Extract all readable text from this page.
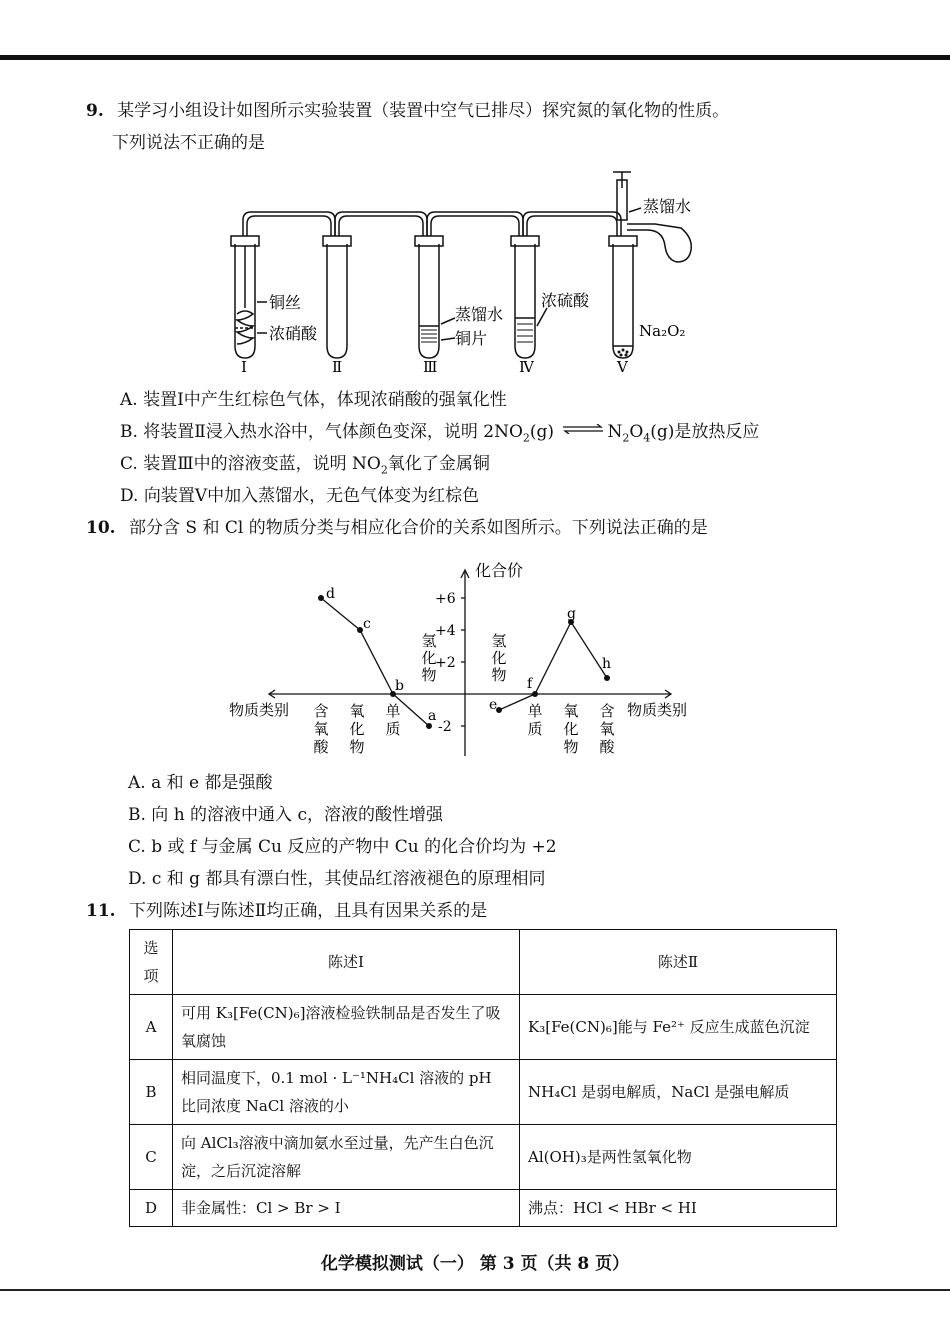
9. 某学习小组设计如图所示实验装置（装置中空气已排尽）探究氮的氧化物的性质。
下列说法不正确的是
蒸馏水
铜丝
浓硝酸
蒸馏水
铜片
浓硫酸
Na₂O₂
Ⅰ	Ⅱ	Ⅲ	Ⅳ	Ⅴ
A. 装置Ⅰ中产生红棕色气体，体现浓硝酸的强氧化性
B. 将装置Ⅱ浸入热水浴中，气体颜色变深，说明 $2NO_2(g)$ ⇌ $N_2O_4(g)$是放热反应
C. 装置Ⅲ中的溶液变蓝，说明 $NO_2$氧化了金属铜
D. 向装置Ⅴ中加入蒸馏水，无色气体变为红棕色
10. 部分含 S 和 Cl 的物质分类与相应化合价的关系如图所示。下列说法正确的是
化合价
+6
+4
+2
-2
物质类别	物质类别
含氧酸
氧化物
单质
单质
氧化物
含氧酸
氢化物
氢化物
a
b
c
d
e
f
g
h
A. a 和 e 都是强酸
B. 向 h 的溶液中通入 c，溶液的酸性增强
C. b 或 f 与金属 Cu 反应的产物中 Cu 的化合价均为 +2
D. c 和 g 都具有漂白性，其使品红溶液褪色的原理相同
11. 下列陈述Ⅰ与陈述Ⅱ均正确，且具有因果关系的是
选项	陈述Ⅰ	陈述Ⅱ
A	可用 K₃[Fe(CN)₆]溶液检验铁制品是否发生了吸氧腐蚀	K₃[Fe(CN)₆]能与 Fe²⁺ 反应生成蓝色沉淀
B	相同温度下，0.1 mol · L⁻¹NH₄Cl 溶液的 pH 比同浓度 NaCl 溶液的小	NH₄Cl 是弱电解质，NaCl 是强电解质
C	向 AlCl₃溶液中滴加氨水至过量，先产生白色沉淀，之后沉淀溶解	Al(OH)₃是两性氢氧化物
D	非金属性：Cl > Br > I	沸点：HCl < HBr < HI
化学模拟测试（一） 第 3 页（共 8 页）
